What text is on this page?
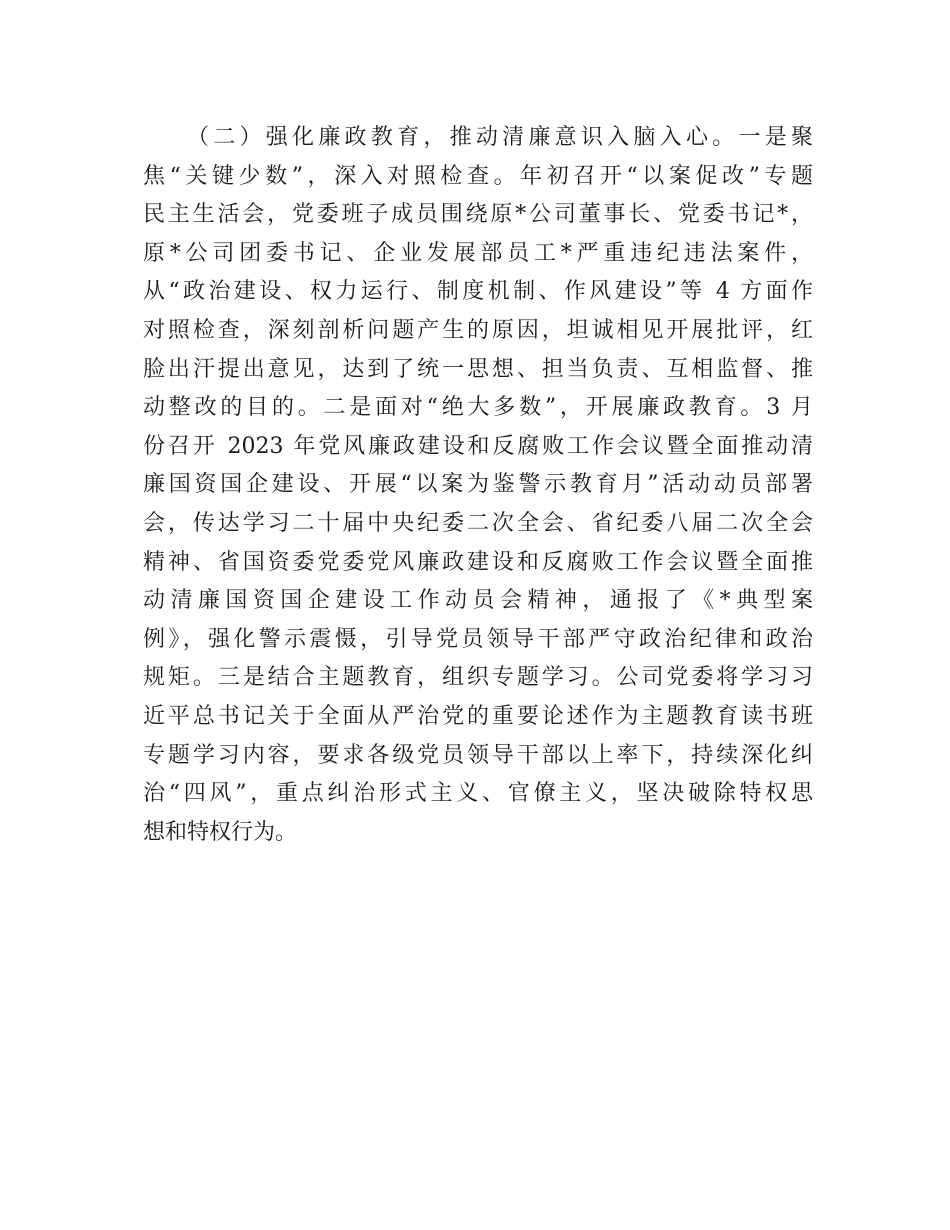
（二）强化廉政教育，推动清廉意识入脑入心。一是聚
焦“关键少数”，深入对照检查。年初召开“以案促改”专题
民主生活会，党委班子成员围绕原*公司董事长、党委书记*，
原*公司团委书记、企业发展部员工*严重违纪违法案件，
从“政治建设、权力运行、制度机制、作风建设”等 4 方面作
对照检查，深刻剖析问题产生的原因，坦诚相见开展批评，红
脸出汗提出意见，达到了统一思想、担当负责、互相监督、推
动整改的目的。二是面对“绝大多数”，开展廉政教育。3 月
份召开 2023 年党风廉政建设和反腐败工作会议暨全面推动清
廉国资国企建设、开展“以案为鉴警示教育月”活动动员部署
会，传达学习二十届中央纪委二次全会、省纪委八届二次全会
精神、省国资委党委党风廉政建设和反腐败工作会议暨全面推
动清廉国资国企建设工作动员会精神，通报了《*典型案
例》，强化警示震慑，引导党员领导干部严守政治纪律和政治
规矩。三是结合主题教育，组织专题学习。公司党委将学习习
近平总书记关于全面从严治党的重要论述作为主题教育读书班
专题学习内容，要求各级党员领导干部以上率下，持续深化纠
治“四风”，重点纠治形式主义、官僚主义，坚决破除特权思
想和特权行为。
